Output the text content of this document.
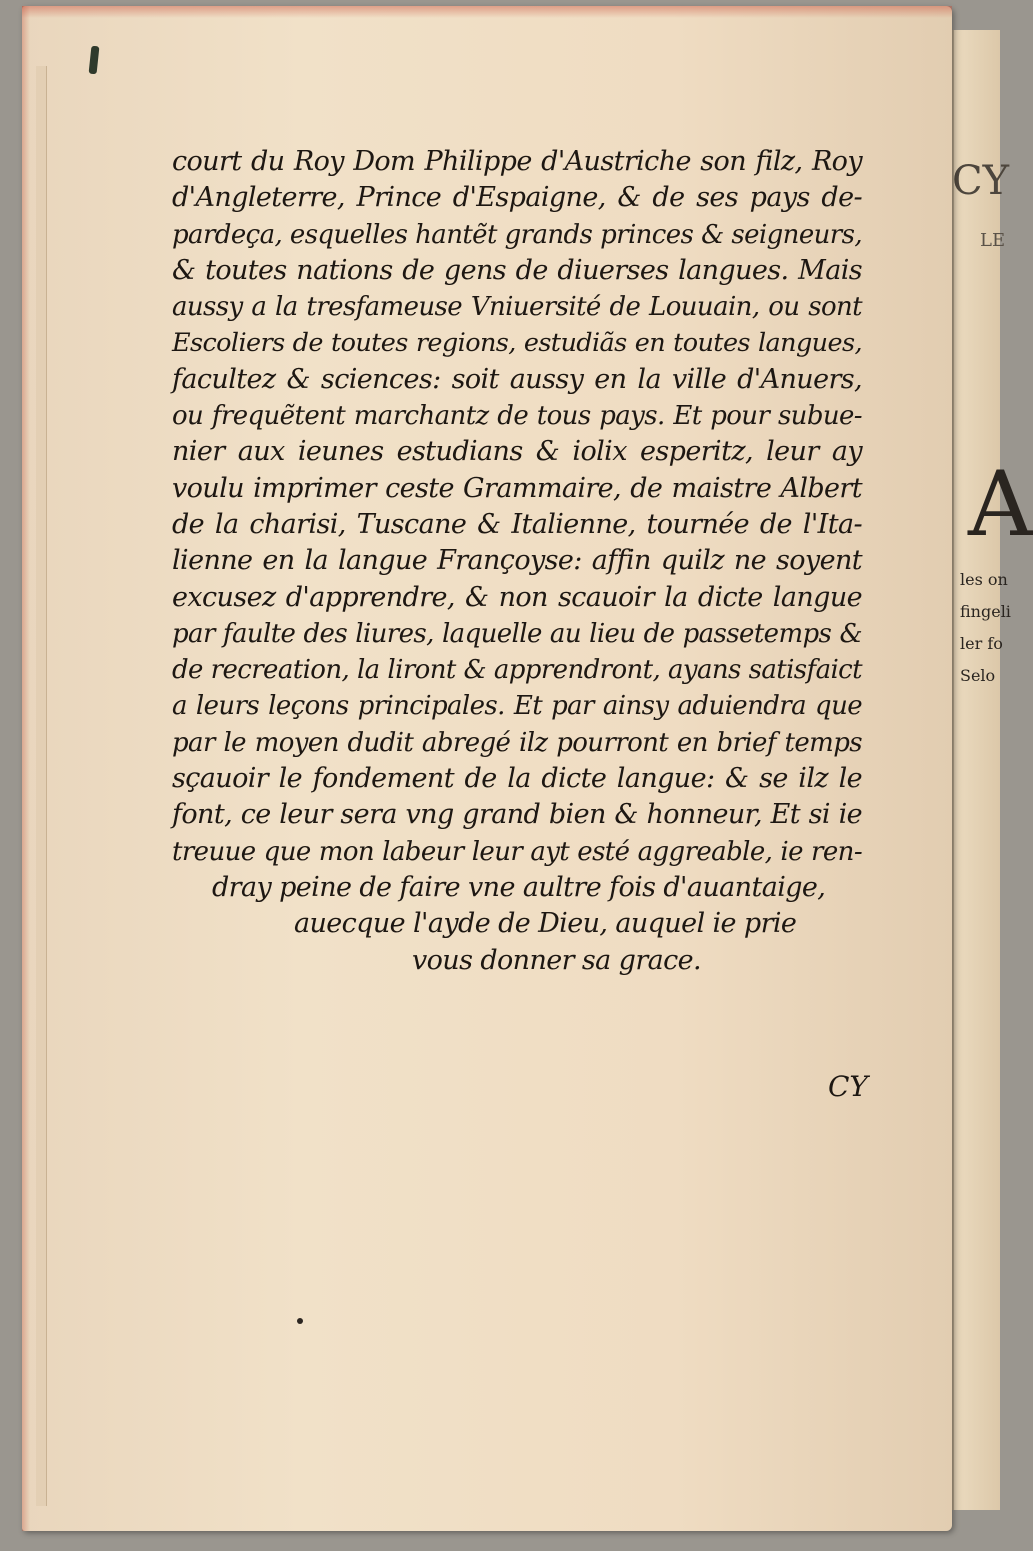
CY
LE
A
les on
fingeli
ler fo
Selo
court du Roy Dom Philippe d'Austriche son filz, Roy
d'Angleterre, Prince d'Espaigne, & de ses pays de-
pardeça, esquelles hantẽt grands princes & seigneurs,
& toutes nations de gens de diuerses langues. Mais
aussy a la tresfameuse Vniuersité de Louuain, ou sont
Escoliers de toutes regions, estudiãs en toutes langues,
facultez & sciences: soit aussy en la ville d'Anuers,
ou frequẽtent marchantz de tous pays. Et pour subue-
nier aux ieunes estudians & iolix esperitz, leur ay
voulu imprimer ceste Grammaire, de maistre Albert
de la charisi, Tuscane & Italienne, tournée de l'Ita-
lienne en la langue Françoyse: affin quilz ne soyent
excusez d'apprendre, & non scauoir la dicte langue
par faulte des liures, laquelle au lieu de passetemps &
de recreation, la liront & apprendront, ayans satisfaict
a leurs leçons principales. Et par ainsy aduiendra que
par le moyen dudit abregé ilz pourront en brief temps
sçauoir le fondement de la dicte langue: & se ilz le
font, ce leur sera vng grand bien & honneur, Et si ie
treuue que mon labeur leur ayt esté aggreable, ie ren-
dray peine de faire vne aultre fois d'auantaige,
auecque l'ayde de Dieu, auquel ie prie
vous donner sa grace.
CY
